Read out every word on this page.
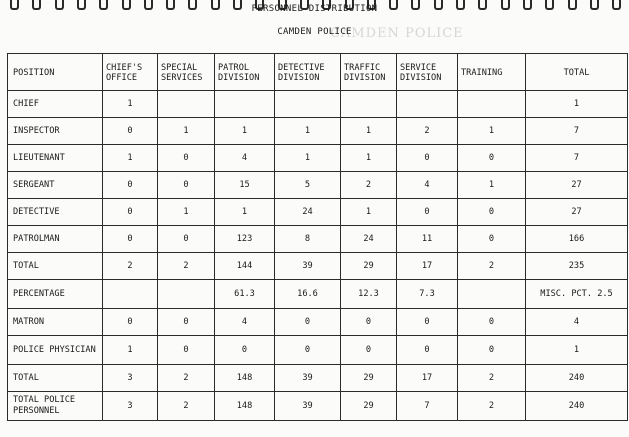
CAMDEN POLICE
PERSONNEL DISTRIBUTION
CAMDEN POLICE
POSITION	CHIEF'S OFFICE	SPECIAL SERVICES	PATROL DIVISION	DETECTIVE DIVISION	TRAFFIC DIVISION	SERVICE DIVISION	TRAINING	TOTAL
CHIEF	1							1
INSPECTOR	0	1	1	1	1	2	1	7
LIEUTENANT	1	0	4	1	1	0	0	7
SERGEANT	0	0	15	5	2	4	1	27
DETECTIVE	0	1	1	24	1	0	0	27
PATROLMAN	0	0	123	8	24	11	0	166
TOTAL	2	2	144	39	29	17	2	235
PERCENTAGE			61.3	16.6	12.3	7.3		MISC. PCT. 2.5
MATRON	0	0	4	0	0	0	0	4
POLICE PHYSICIAN	1	0	0	0	0	0	0	1
TOTAL	3	2	148	39	29	17	2	240
TOTAL POLICE PERSONNEL	3	2	148	39	29	7	2	240
